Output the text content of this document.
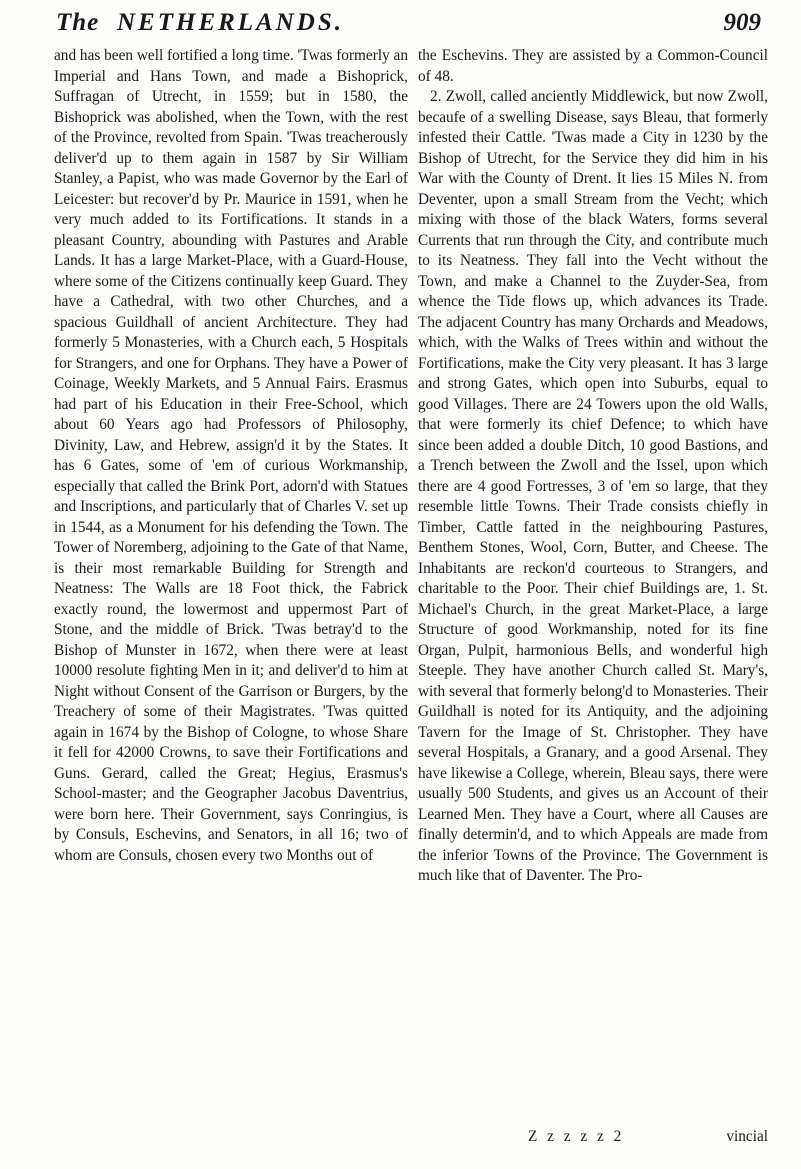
The NETHERLANDS.	909

and has been well fortified a long time. 'Twas formerly an Imperial and Hans Town, and made a Bishoprick, Suffragan of Utrecht, in 1559; but in 1580, the Bishoprick was abolished, when the Town, with the rest of the Province, revolted from Spain. 'Twas treacherously deliver'd up to them again in 1587 by Sir William Stanley, a Papist, who was made Governor by the Earl of Leicester: but recover'd by Pr. Maurice in 1591, when he very much added to its Fortifications. It stands in a pleasant Country, abounding with Pastures and Arable Lands. It has a large Market-Place, with a Guard-House, where some of the Citizens continually keep Guard. They have a Cathedral, with two other Churches, and a spacious Guildhall of ancient Architecture. They had formerly 5 Monasteries, with a Church each, 5 Hospitals for Strangers, and one for Orphans. They have a Power of Coinage, Weekly Markets, and 5 Annual Fairs. Erasmus had part of his Education in their Free-School, which about 60 Years ago had Professors of Philosophy, Divinity, Law, and Hebrew, assign'd it by the States. It has 6 Gates, some of 'em of curious Workmanship, especially that called the Brink Port, adorn'd with Statues and Inscriptions, and particularly that of Charles V. set up in 1544, as a Monument for his defending the Town. The Tower of Noremberg, adjoining to the Gate of that Name, is their most remarkable Building for Strength and Neatness: The Walls are 18 Foot thick, the Fabrick exactly round, the lowermost and uppermost Part of Stone, and the middle of Brick. 'Twas betray'd to the Bishop of Munster in 1672, when there were at least 10000 resolute fighting Men in it; and deliver'd to him at Night without Consent of the Garrison or Burgers, by the Treachery of some of their Magistrates. 'Twas quitted again in 1674 by the Bishop of Cologne, to whose Share it fell for 42000 Crowns, to save their Fortifications and Guns. Gerard, called the Great; Hegius, Erasmus's School-master; and the Geographer Jacobus Daventrius, were born here. Their Government, says Conringius, is by Consuls, Eschevins, and Senators, in all 16; two of whom are Consuls, chosen every two Months out of

the Eschevins. They are assisted by a Common-Council of 48.

2. Zwoll, called anciently Middlewick, but now Zwoll, becaufe of a swelling Disease, says Bleau, that formerly infested their Cattle. 'Twas made a City in 1230 by the Bishop of Utrecht, for the Service they did him in his War with the County of Drent. It lies 15 Miles N. from Deventer, upon a small Stream from the Vecht; which mixing with those of the black Waters, forms several Currents that run through the City, and contribute much to its Neatness. They fall into the Vecht without the Town, and make a Channel to the Zuyder-Sea, from whence the Tide flows up, which advances its Trade. The adjacent Country has many Orchards and Meadows, which, with the Walks of Trees within and without the Fortifications, make the City very pleasant. It has 3 large and strong Gates, which open into Suburbs, equal to good Villages. There are 24 Towers upon the old Walls, that were formerly its chief Defence; to which have since been added a double Ditch, 10 good Bastions, and a Trench between the Zwoll and the Issel, upon which there are 4 good Fortresses, 3 of 'em so large, that they resemble little Towns. Their Trade consists chiefly in Timber, Cattle fatted in the neighbouring Pastures, Benthem Stones, Wool, Corn, Butter, and Cheese. The Inhabitants are reckon'd courteous to Strangers, and charitable to the Poor. Their chief Buildings are, 1. St. Michael's Church, in the great Market-Place, a large Structure of good Workmanship, noted for its fine Organ, Pulpit, harmonious Bells, and wonderful high Steeple. They have another Church called St. Mary's, with several that formerly belong'd to Monasteries. Their Guildhall is noted for its Antiquity, and the adjoining Tavern for the Image of St. Christopher. They have several Hospitals, a Granary, and a good Arsenal. They have likewise a College, wherein, Bleau says, there were usually 500 Students, and gives us an Account of their Learned Men. They have a Court, where all Causes are finally determin'd, and to which Appeals are made from the inferior Towns of the Province. The Government is much like that of Daventer. The Pro-

Z z z z z 2	vincial
